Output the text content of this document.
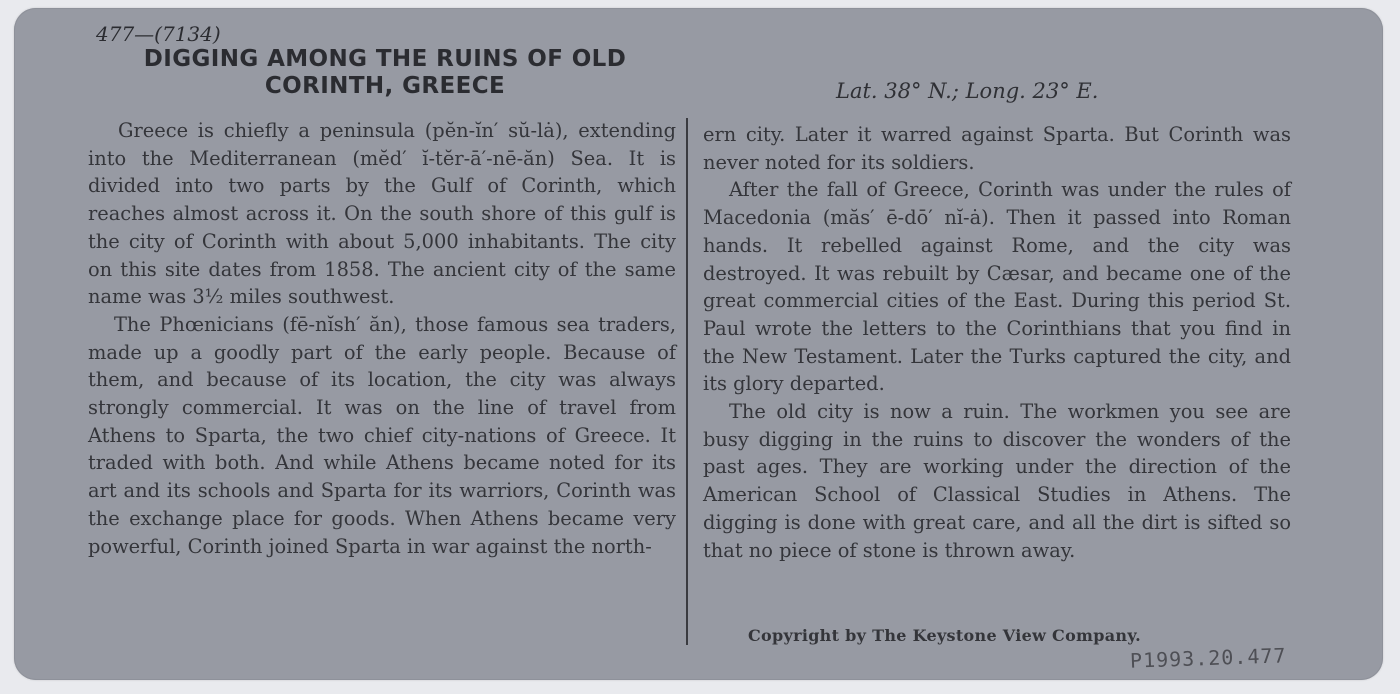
477—(7134)
DIGGING AMONG THE RUINS OF OLD
CORINTH, GREECE	Lat. 38° N.; Long. 23° E.

Greece is chiefly a peninsula (pĕn-ĭn′ sŭ-lȧ), extending into the Mediterranean (mĕd′ ĭ-tĕr-ā′-nē-ăn) Sea. It is divided into two parts by the Gulf of Corinth, which reaches almost across it. On the south shore of this gulf is the city of Corinth with about 5,000 inhabitants. The city on this site dates from 1858. The ancient city of the same name was 3½ miles southwest.

The Phœnicians (fē-nĭsh′ ăn), those famous sea traders, made up a goodly part of the early people. Because of them, and because of its location, the city was always strongly commercial. It was on the line of travel from Athens to Sparta, the two chief city-nations of Greece. It traded with both. And while Athens became noted for its art and its schools and Sparta for its warriors, Corinth was the exchange place for goods. When Athens became very powerful, Corinth joined Sparta in war against the north-

ern city. Later it warred against Sparta. But Corinth was never noted for its soldiers.

After the fall of Greece, Corinth was under the rules of Macedonia (măs′ ē-dō′ nĭ-ȧ). Then it passed into Roman hands. It rebelled against Rome, and the city was destroyed. It was rebuilt by Cæsar, and became one of the great commercial cities of the East. During this period St. Paul wrote the letters to the Corinthians that you find in the New Testament. Later the Turks captured the city, and its glory departed.

The old city is now a ruin. The workmen you see are busy digging in the ruins to discover the wonders of the past ages. They are working under the direction of the American School of Classical Studies in Athens. The digging is done with great care, and all the dirt is sifted so that no piece of stone is thrown away.

Copyright by The Keystone View Company.
P1993.20.477
